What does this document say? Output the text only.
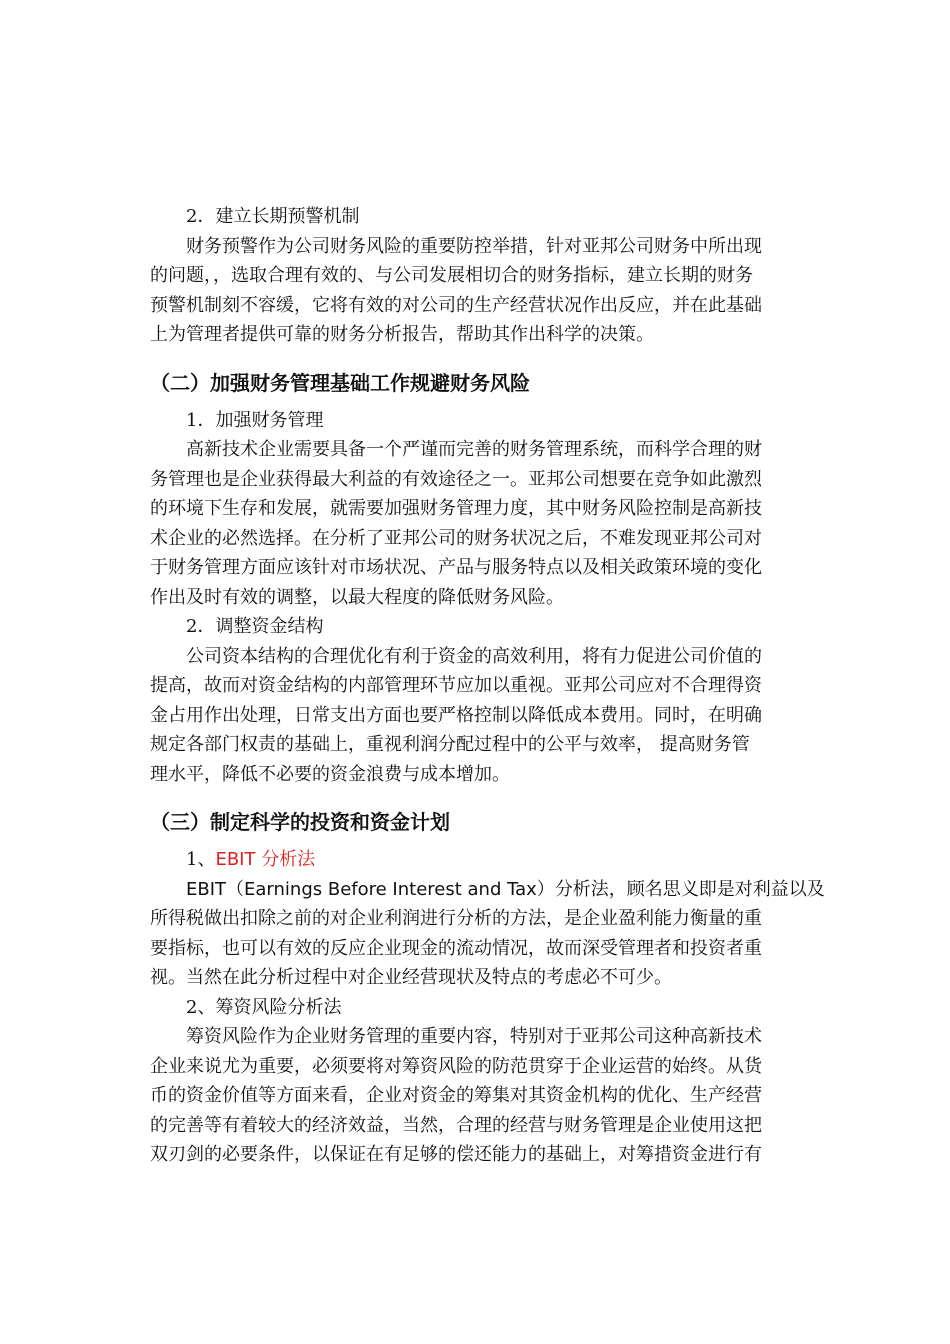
2．建立长期预警机制

财务预警作为公司财务风险的重要防控举措，针对亚邦公司财务中所出现

的问题，，选取合理有效的、与公司发展相切合的财务指标，建立长期的财务

预警机制刻不容缓，它将有效的对公司的生产经营状况作出反应，并在此基础

上为管理者提供可靠的财务分析报告，帮助其作出科学的决策。

（二）加强财务管理基础工作规避财务风险

1．加强财务管理

高新技术企业需要具备一个严谨而完善的财务管理系统，而科学合理的财

务管理也是企业获得最大利益的有效途径之一。亚邦公司想要在竞争如此激烈

的环境下生存和发展，就需要加强财务管理力度，其中财务风险控制是高新技

术企业的必然选择。在分析了亚邦公司的财务状况之后，不难发现亚邦公司对

于财务管理方面应该针对市场状况、产品与服务特点以及相关政策环境的变化

作出及时有效的调整，以最大程度的降低财务风险。

2．调整资金结构

公司资本结构的合理优化有利于资金的高效利用，将有力促进公司价值的

提高，故而对资金结构的内部管理环节应加以重视。亚邦公司应对不合理得资

金占用作出处理，日常支出方面也要严格控制以降低成本费用。同时，在明确

规定各部门权责的基础上，重视利润分配过程中的公平与效率， 提高财务管

理水平，降低不必要的资金浪费与成本增加。

（三）制定科学的投资和资金计划

1、EBIT 分析法

EBIT（Earnings Before Interest and Tax）分析法，顾名思义即是对利益以及

所得税做出扣除之前的对企业利润进行分析的方法，是企业盈利能力衡量的重

要指标，也可以有效的反应企业现金的流动情况，故而深受管理者和投资者重

视。当然在此分析过程中对企业经营现状及特点的考虑必不可少。

2、筹资风险分析法

筹资风险作为企业财务管理的重要内容，特别对于亚邦公司这种高新技术

企业来说尤为重要，必须要将对筹资风险的防范贯穿于企业运营的始终。从货

币的资金价值等方面来看，企业对资金的筹集对其资金机构的优化、生产经营

的完善等有着较大的经济效益，当然，合理的经营与财务管理是企业使用这把

双刃剑的必要条件，以保证在有足够的偿还能力的基础上，对筹措资金进行有
